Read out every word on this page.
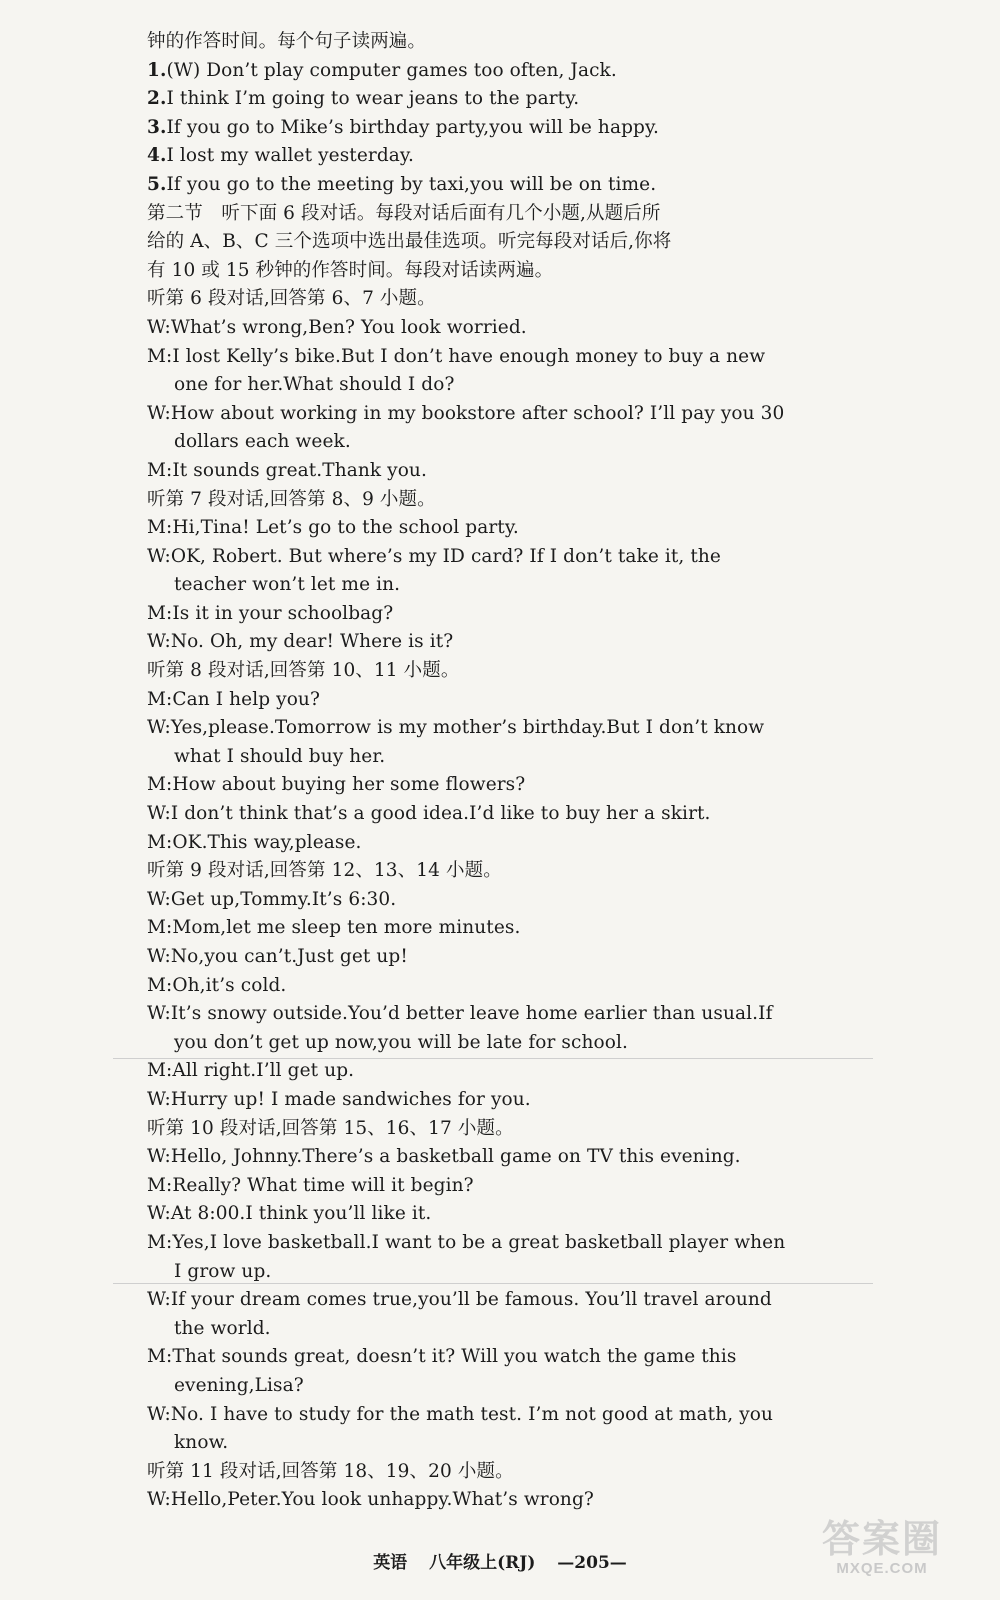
钟的作答时间。每个句子读两遍。
1.(W) Don’t play computer games too often, Jack.
2.I think I’m going to wear jeans to the party.
3.If you go to Mike’s birthday party,you will be happy.
4.I lost my wallet yesterday.
5.If you go to the meeting by taxi,you will be on time.
第二节　听下面 6 段对话。每段对话后面有几个小题,从题后所
给的 A、B、C 三个选项中选出最佳选项。听完每段对话后,你将
有 10 或 15 秒钟的作答时间。每段对话读两遍。
听第 6 段对话,回答第 6、7 小题。
W:What’s wrong,Ben? You look worried.
M:I lost Kelly’s bike.But I don’t have enough money to buy a new
one for her.What should I do?
W:How about working in my bookstore after school? I’ll pay you 30
dollars each week.
M:It sounds great.Thank you.
听第 7 段对话,回答第 8、9 小题。
M:Hi,Tina! Let’s go to the school party.
W:OK, Robert. But where’s my ID card? If I don’t take it, the
teacher won’t let me in.
M:Is it in your schoolbag?
W:No. Oh, my dear! Where is it?
听第 8 段对话,回答第 10、11 小题。
M:Can I help you?
W:Yes,please.Tomorrow is my mother’s birthday.But I don’t know
what I should buy her.
M:How about buying her some flowers?
W:I don’t think that’s a good idea.I’d like to buy her a skirt.
M:OK.This way,please.
听第 9 段对话,回答第 12、13、14 小题。
W:Get up,Tommy.It’s 6:30.
M:Mom,let me sleep ten more minutes.
W:No,you can’t.Just get up!
M:Oh,it’s cold.
W:It’s snowy outside.You’d better leave home earlier than usual.If
you don’t get up now,you will be late for school.
M:All right.I’ll get up.
W:Hurry up! I made sandwiches for you.
听第 10 段对话,回答第 15、16、17 小题。
W:Hello, Johnny.There’s a basketball game on TV this evening.
M:Really? What time will it begin?
W:At 8:00.I think you’ll like it.
M:Yes,I love basketball.I want to be a great basketball player when
I grow up.
W:If your dream comes true,you’ll be famous. You’ll travel around
the world.
M:That sounds great, doesn’t it? Will you watch the game this
evening,Lisa?
W:No. I have to study for the math test. I’m not good at math, you
know.
听第 11 段对话,回答第 18、19、20 小题。
W:Hello,Peter.You look unhappy.What’s wrong?
英语 八年级上(RJ) —205—
答案圈
MXQE.COM
